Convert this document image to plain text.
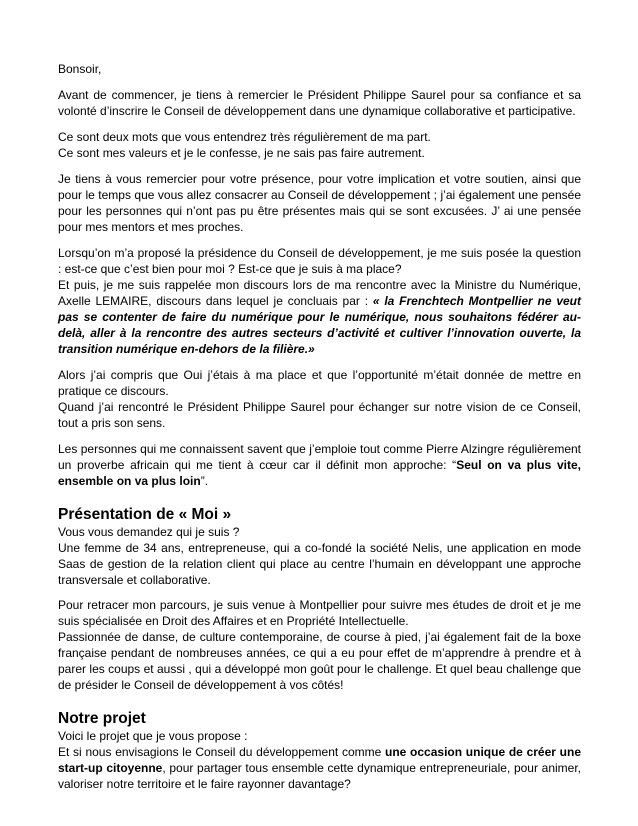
Bonsoir,

Avant de commencer, je tiens à remercier le Président Philippe Saurel pour sa confiance et sa volonté d’inscrire le Conseil de développement dans une dynamique collaborative et participative.

Ce sont deux mots que vous entendrez très régulièrement de ma part.

Ce sont mes valeurs et je le confesse, je ne sais pas faire autrement.

Je tiens à vous remercier pour votre présence, pour votre implication et votre soutien, ainsi que pour le temps que vous allez consacrer au Conseil de développement ; j’ai également une pensée pour les personnes qui n’ont pas pu être présentes mais qui se sont excusées. J’ ai une pensée pour mes mentors et mes proches.

Lorsqu’on m’a proposé la présidence du Conseil de développement, je me suis posée la question : est-ce que c’est bien pour moi ? Est-ce que je suis à ma place?

Et puis, je me suis rappelée mon discours lors de ma rencontre avec la Ministre du Numérique, Axelle LEMAIRE, discours dans lequel je concluais par : « la Frenchtech Montpellier ne veut pas se contenter de faire du numérique pour le numérique, nous souhaitons fédérer au-delà, aller à la rencontre des autres secteurs d’activité et cultiver l’innovation ouverte, la transition numérique en-dehors de la filière.»

Alors j’ai compris que Oui j’étais à ma place et que l’opportunité m’était donnée de mettre en pratique ce discours.

Quand j’ai rencontré le Président Philippe Saurel pour échanger sur notre vision de ce Conseil, tout a pris son sens.

Les personnes qui me connaissent savent que j’emploie tout comme Pierre Alzingre régulièrement un proverbe africain qui me tient à cœur car il définit mon approche: “Seul on va plus vite, ensemble on va plus loin”.

Présentation de « Moi »

Vous vous demandez qui je suis ?

Une femme de 34 ans, entrepreneuse, qui a co-fondé la société Nelis, une application en mode Saas de gestion de la relation client qui place au centre l’humain en développant une approche transversale et collaborative.

Pour retracer mon parcours, je suis venue à Montpellier pour suivre mes études de droit et je me suis spécialisée en Droit des Affaires et en Propriété Intellectuelle.

Passionnée de danse, de culture contemporaine, de course à pied, j’ai également fait de la boxe française pendant de nombreuses années, ce qui a eu pour effet de m’apprendre à prendre et à parer les coups et aussi , qui a développé mon goût pour le challenge. Et quel beau challenge que de présider le Conseil de développement à vos côtés!

Notre projet

Voici le projet que je vous propose :

Et si nous envisagions le Conseil du développement comme une occasion unique de créer une start-up citoyenne, pour partager tous ensemble cette dynamique entrepreneuriale, pour animer, valoriser notre territoire et le faire rayonner davantage?
